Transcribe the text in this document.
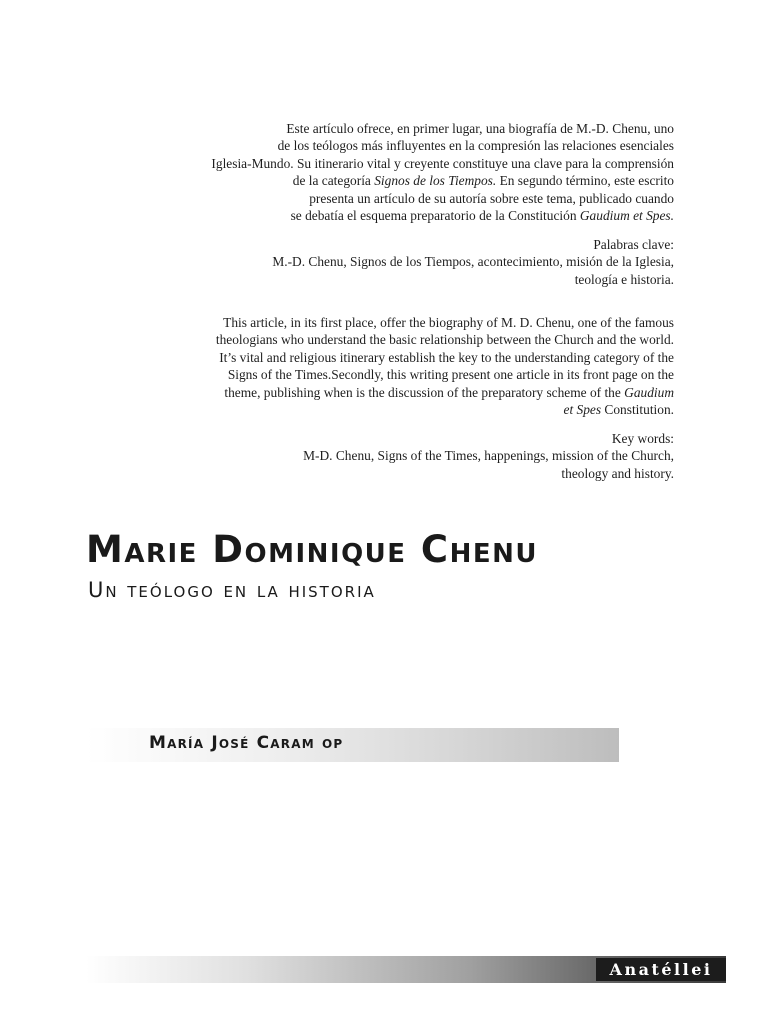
Este artículo ofrece, en primer lugar, una biografía de M.-D. Chenu, uno
de los teólogos más influyentes en la compresión las relaciones esenciales
Iglesia-Mundo. Su itinerario vital y creyente constituye una clave para la comprensión
de la categoría Signos de los Tiempos. En segundo término, este escrito
presenta un artículo de su autoría sobre este tema, publicado cuando
se debatía el esquema preparatorio de la Constitución Gaudium et Spes.
Palabras clave:
M.-D. Chenu, Signos de los Tiempos, acontecimiento, misión de la Iglesia,
teología e historia.
This article, in its first place, offer the biography of M. D. Chenu, one of the famous
theologians who understand the basic relationship between the Church and the world.
It’s vital and religious itinerary establish the key to the understanding category of the
Signs of the Times.Secondly, this writing present one article in its front page on the
theme, publishing when is the discussion of the preparatory scheme of the Gaudium
et Spes Constitution.
Key words:
M-D. Chenu, Signs of the Times, happenings, mission of the Church,
theology and history.
Marie Dominique Chenu
Un teólogo en la historia
María José Caram op
Anatéllei
